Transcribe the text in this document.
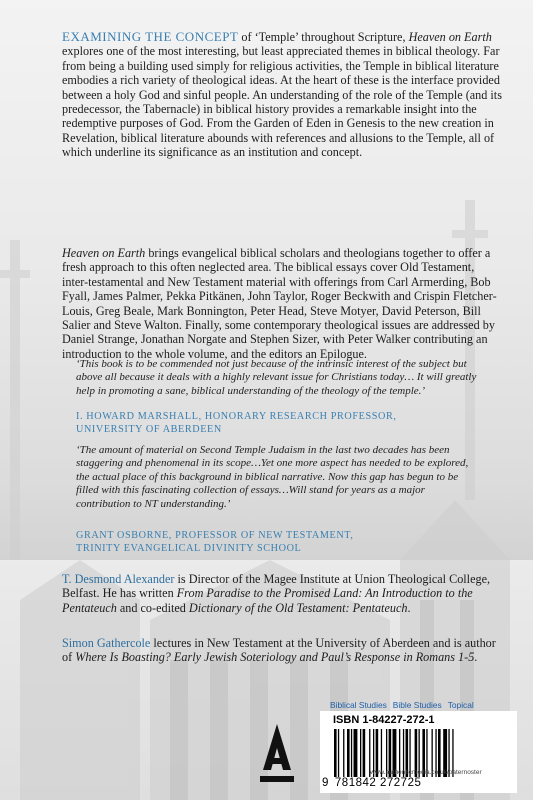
EXAMINING THE CONCEPT of ‘Temple’ throughout Scripture, Heaven on Earth explores one of the most interesting, but least appreciated themes in biblical theology. Far from being a building used simply for religious activities, the Temple in biblical literature embodies a rich variety of theological ideas. At the heart of these is the interface provided between a holy God and sinful people. An understanding of the role of the Temple (and its predecessor, the Tabernacle) in biblical history provides a remarkable insight into the redemptive purposes of God. From the Garden of Eden in Genesis to the new creation in Revelation, biblical literature abounds with references and allusions to the Temple, all of which underline its significance as an institution and concept.
Heaven on Earth brings evangelical biblical scholars and theologians together to offer a fresh approach to this often neglected area. The biblical essays cover Old Testament, inter-testamental and New Testament material with offerings from Carl Armerding, Bob Fyall, James Palmer, Pekka Pitkänen, John Taylor, Roger Beckwith and Crispin Fletcher-Louis, Greg Beale, Mark Bonnington, Peter Head, Steve Motyer, David Peterson, Bill Salier and Steve Walton. Finally, some contemporary theological issues are addressed by Daniel Strange, Jonathan Norgate and Stephen Sizer, with Peter Walker contributing an introduction to the whole volume, and the editors an Epilogue.
‘This book is to be commended not just because of the intrinsic interest of the subject but above all because it deals with a highly relevant issue for Christians today… It will greatly help in promoting a sane, biblical understanding of the theology of the temple.’
I. HOWARD MARSHALL, HONORARY RESEARCH PROFESSOR,
UNIVERSITY OF ABERDEEN
‘The amount of material on Second Temple Judaism in the last two decades has been staggering and phenomenal in its scope…Yet one more aspect has needed to be explored, the actual place of this background in biblical narrative. Now this gap has begun to be filled with this fascinating collection of essays…Will stand for years as a major contribution to NT understanding.’
GRANT OSBORNE, PROFESSOR OF NEW TESTAMENT,
TRINITY EVANGELICAL DIVINITY SCHOOL
T. Desmond Alexander is Director of the Magee Institute at Union Theological College, Belfast. He has written From Paradise to the Promised Land: An Introduction to the Pentateuch and co-edited Dictionary of the Old Testament: Pentateuch.
Simon Gathercole lectures in New Testament at the University of Aberdeen and is author of Where Is Boasting? Early Jewish Soteriology and Paul’s Response in Romans 1-5.
Biblical Studies Bible Studies Topical
ISBN 1-84227-272-1
www.authenticmedia.co.uk/paternoster
9 781842 272725
